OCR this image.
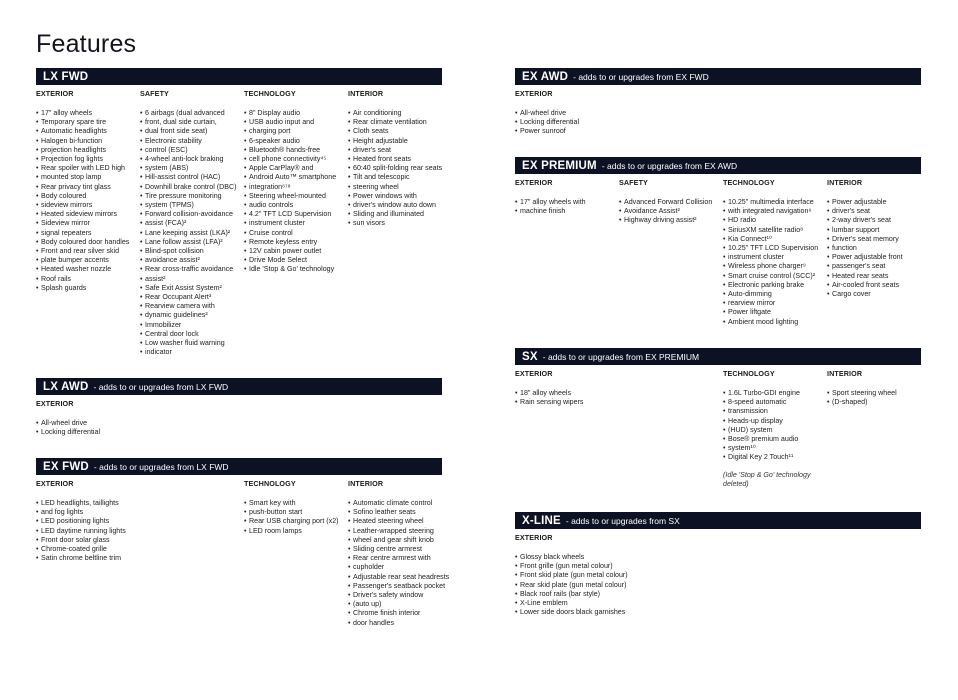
Features
LX FWD
EXTERIOR
• 17" alloy wheels
• Temporary spare tire
• Automatic headlights
• Halogen bi-function
• projection headlights
• Projection fog lights
• Rear spoiler with LED high
• mounted stop lamp
• Rear privacy tint glass
• Body coloured
• sideview mirrors
• Heated sideview mirrors
• Sideview mirror
• signal repeaters
• Body coloured door handles
• Front and rear silver skid
• plate bumper accents
• Heated washer nozzle
• Roof rails
• Splash guards
SAFETY
• 6 airbags (dual advanced
• front, dual side curtain,
• dual front side seat)
• Electronic stability
• control (ESC)
• 4-wheel anti-lock braking
• system (ABS)
• Hill-assist control (HAC)
• Downhill brake control (DBC)
• Tire pressure monitoring
• system (TPMS)
• Forward collision-avoidance
• assist (FCA)²
• Lane keeping assist (LKA)²
• Lane follow assist (LFA)²
• Blind-spot collision
• avoidance assist²
• Rear cross-traffic avoidance
• assist²
• Safe Exit Assist System²
• Rear Occupant Alert³
• Rearview camera with
• dynamic guidelines²
• Immobilizer
• Central door lock
• Low washer fluid warning
• indicator
TECHNOLOGY
• 8" Display audio
• USB audio input and
• charging port
• 6-speaker audio
• Bluetooth® hands-free
• cell phone connectivity⁴⁵
• Apple CarPlay® and
• Android Auto™ smartphone
• integration⁶⁷⁸
• Steering wheel-mounted
• audio controls
• 4.2" TFT LCD Supervision
• instrument cluster
• Cruise control
• Remote keyless entry
• 12V cabin power outlet
• Drive Mode Select
• Idle 'Stop & Go' technology
INTERIOR
• Air conditioning
• Rear climate ventilation
• Cloth seats
• Height adjustable
• driver's seat
• Heated front seats
• 60:40 split-folding rear seats
• Tilt and telescopic
• steering wheel
• Power windows with
• driver's window auto down
• Sliding and illuminated
• sun visors
LX AWD - adds to or upgrades from LX FWD
EXTERIOR
• All-wheel drive
• Locking differential
EX FWD - adds to or upgrades from LX FWD
EXTERIOR
• LED headlights, taillights
• and fog lights
• LED positioning lights
• LED daytime running lights
• Front door solar glass
• Chrome-coated grille
• Satin chrome beltline trim
TECHNOLOGY
• Smart key with
• push-button start
• Rear USB charging port (x2)
• LED room lamps
INTERIOR
• Automatic climate control
• Sofino leather seats
• Heated steering wheel
• Leather-wrapped steering
• wheel and gear shift knob
• Sliding centre armrest
• Rear centre armrest with
• cupholder
• Adjustable rear seat headrests
• Passenger's seatback pocket
• Driver's safety window
• (auto up)
• Chrome finish interior
• door handles
EX AWD - adds to or upgrades from EX FWD
EXTERIOR
• All-wheel drive
• Locking differential
• Power sunroof
EX PREMIUM - adds to or upgrades from EX AWD
EXTERIOR
• 17" alloy wheels with
• machine finish
SAFETY
• Advanced Forward Collision
• Avoidance Assist²
• Highway driving assist²
TECHNOLOGY
• 10.25" multimedia interface
• with integrated navigation⁶
• HD radio
• SiriusXM satellite radio⁸
• Kia Connect¹⁰
• 10.25" TFT LCD Supervision
• instrument cluster
• Wireless phone charger⁹
• Smart cruise control (SCC)²
• Electronic parking brake
• Auto-dimming
• rearview mirror
• Power liftgate
• Ambient mood lighting
INTERIOR
• Power adjustable
• driver's seat
• 2-way driver's seat
• lumbar support
• Driver's seat memory
• function
• Power adjustable front
• passenger's seat
• Heated rear seats
• Air-cooled front seats
• Cargo cover
SX - adds to or upgrades from EX PREMIUM
EXTERIOR
• 18" alloy wheels
• Rain sensing wipers
TECHNOLOGY
• 1.6L Turbo-GDI engine
• 8-speed automatic
• transmission
• Heads-up display
• (HUD) system
• Bose® premium audio
• system¹⁰
• Digital Key 2 Touch¹¹
(Idle 'Stop & Go' technology
deleted)
INTERIOR
• Sport steering wheel
• (D-shaped)
X-LINE - adds to or upgrades from SX
EXTERIOR
• Glossy black wheels
• Front grille (gun metal colour)
• Front skid plate (gun metal colour)
• Rear skid plate (gun metal colour)
• Black roof rails (bar style)
• X-Line emblem
• Lower side doors black garnishes
